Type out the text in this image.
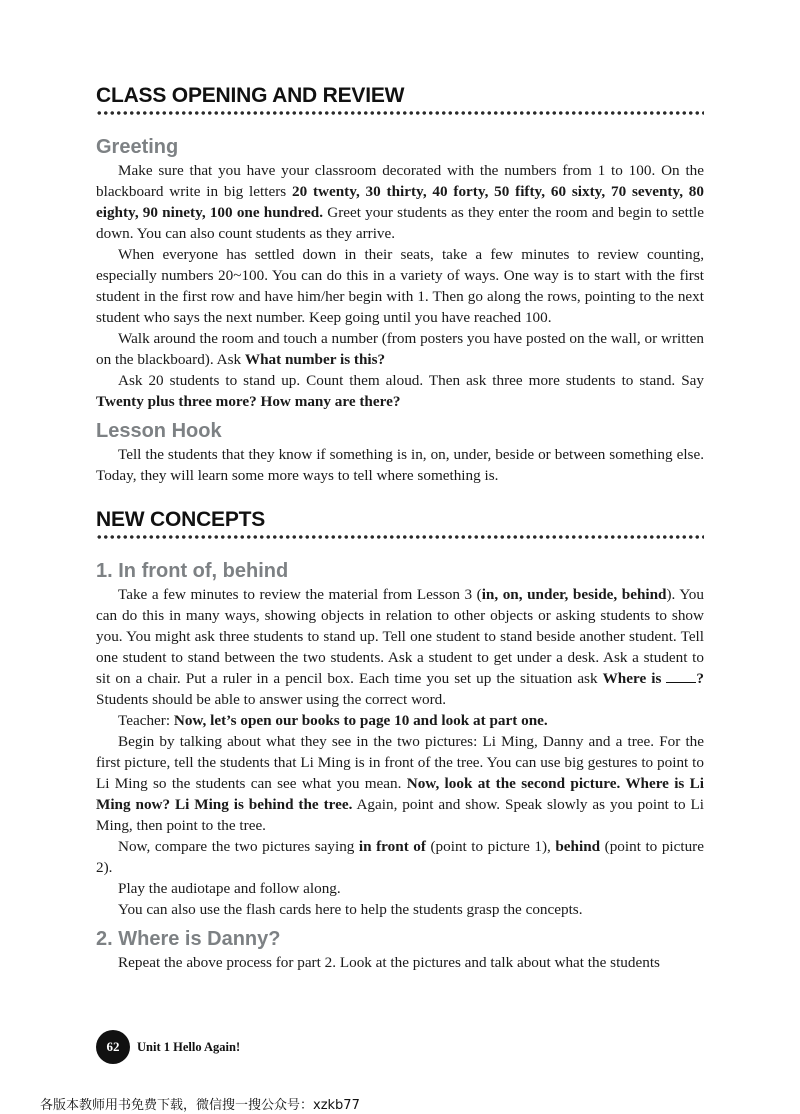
CLASS OPENING AND REVIEW
Greeting

Make sure that you have your classroom decorated with the numbers from 1 to 100. On the blackboard write in big letters 20 twenty, 30 thirty, 40 forty, 50 fifty, 60 sixty, 70 seventy, 80 eighty, 90 ninety, 100 one hundred. Greet your students as they enter the room and begin to settle down. You can also count students as they arrive.

When everyone has settled down in their seats, take a few minutes to review counting, especially numbers 20~100. You can do this in a variety of ways. One way is to start with the first student in the first row and have him/her begin with 1. Then go along the rows, pointing to the next student who says the next number. Keep going until you have reached 100.

Walk around the room and touch a number (from posters you have posted on the wall, or written on the blackboard). Ask What number is this?

Ask 20 students to stand up. Count them aloud. Then ask three more students to stand. Say Twenty plus three more? How many are there?

Lesson Hook

Tell the students that they know if something is in, on, under, beside or between something else. Today, they will learn some more ways to tell where something is.

NEW CONCEPTS
1. In front of, behind

Take a few minutes to review the material from Lesson 3 (in, on, under, beside, behind). You can do this in many ways, showing objects in relation to other objects or asking students to show you. You might ask three students to stand up. Tell one student to stand beside another student. Tell one student to stand between the two students. Ask a student to get under a desk. Ask a student to sit on a chair. Put a ruler in a pencil box. Each time you set up the situation ask Where is ? Students should be able to answer using the correct word.

Teacher: Now, let’s open our books to page 10 and look at part one.

Begin by talking about what they see in the two pictures: Li Ming, Danny and a tree. For the first picture, tell the students that Li Ming is in front of the tree. You can use big gestures to point to Li Ming so the students can see what you mean. Now, look at the second picture. Where is Li Ming now? Li Ming is behind the tree. Again, point and show. Speak slowly as you point to Li Ming, then point to the tree.

Now, compare the two pictures saying in front of (point to picture 1), behind (point to picture 2).

Play the audiotape and follow along.

You can also use the flash cards here to help the students grasp the concepts.

2. Where is Danny?

Repeat the above process for part 2. Look at the pictures and talk about what the students

62	Unit 1 Hello Again!
各版本教师用书免费下载，微信搜一搜公众号：xzkb77
